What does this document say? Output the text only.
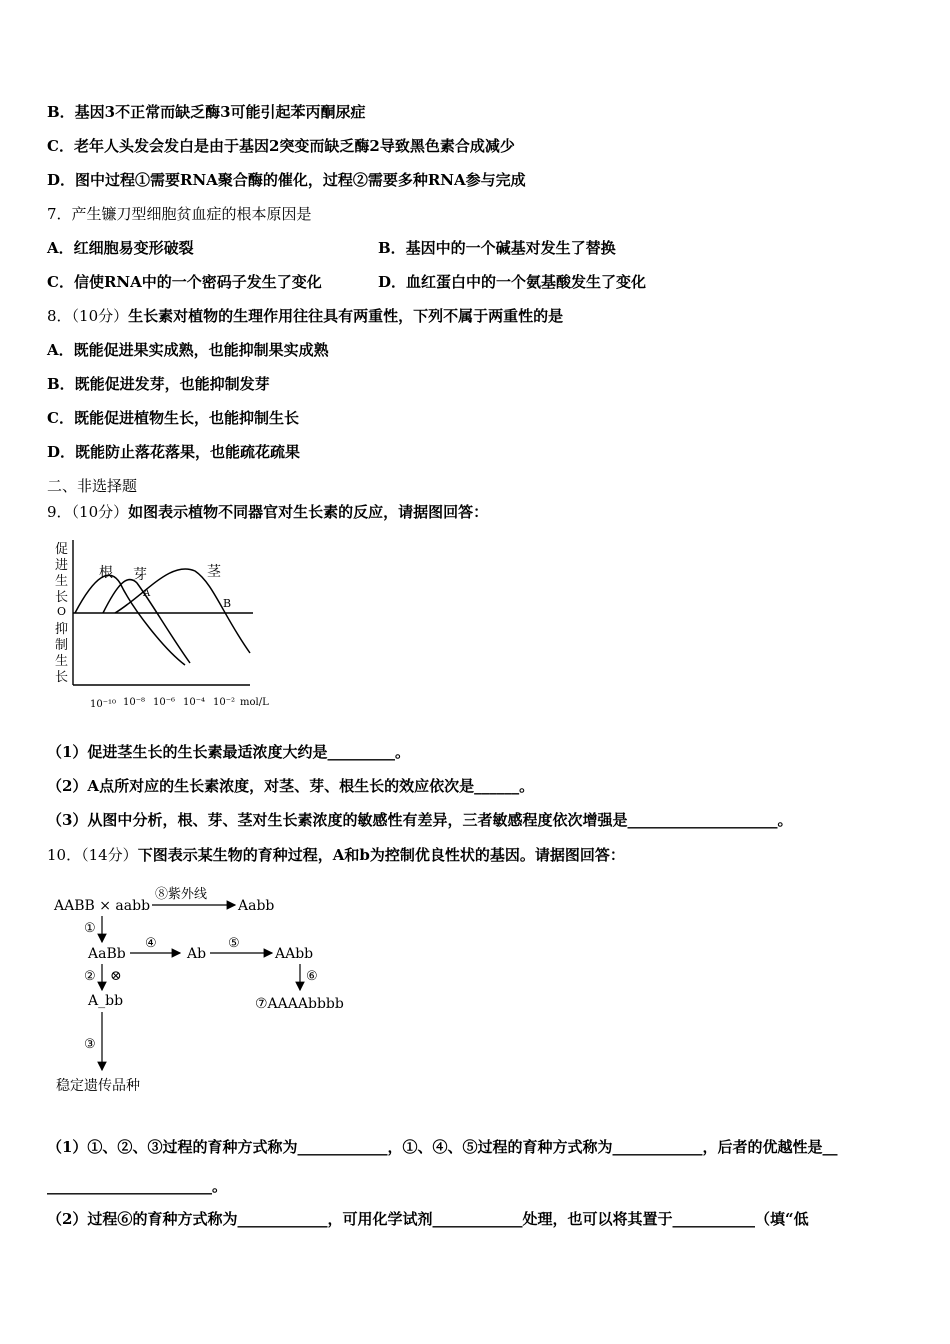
B．基因3不正常而缺乏酶3可能引起苯丙酮尿症
C．老年人头发会发白是由于基因2突变而缺乏酶2导致黑色素合成减少
D．图中过程①需要RNA聚合酶的催化，过程②需要多种RNA参与完成
7．产生镰刀型细胞贫血症的根本原因是
A．红细胞易变形破裂	B．基因中的一个碱基对发生了替换
C．信使RNA中的一个密码子发生了变化	D．血红蛋白中的一个氨基酸发生了变化
8．（10分）生长素对植物的生理作用往往具有两重性，下列不属于两重性的是
A．既能促进果实成熟，也能抑制果实成熟
B．既能促进发芽，也能抑制发芽
C．既能促进植物生长，也能抑制生长
D．既能防止落花落果，也能疏花疏果
二、非选择题
9．（10分）如图表示植物不同器官对生长素的反应，请据图回答：
促
进
生
长
O
抑
制
生
长
根 芽	茎
A
B
10⁻¹⁰ 10⁻⁸ 10⁻⁶ 10⁻⁴ 10⁻² mol/L
（1）促进茎生长的生长素最适浓度大约是_________。
（2）A点所对应的生长素浓度，对茎、芽、根生长的效应依次是______。
（3）从图中分析，根、芽、茎对生长素浓度的敏感性有差异，三者敏感程度依次增强是____________________。
10．（14分）下图表示某生物的育种过程，A和b为控制优良性状的基因。请据图回答：
AABB × aabb
⑧紫外线
Aabb
①
AaBb
④
Ab
⑤
AAbb
② ⊗	⑥
A_bb	⑦AAAAbbbb
③
稳定遗传品种
（1）①、②、③过程的育种方式称为____________，①、④、⑤过程的育种方式称为____________，后者的优越性是__
______________________。
（2）过程⑥的育种方式称为____________，可用化学试剂____________处理，也可以将其置于___________（填“低
